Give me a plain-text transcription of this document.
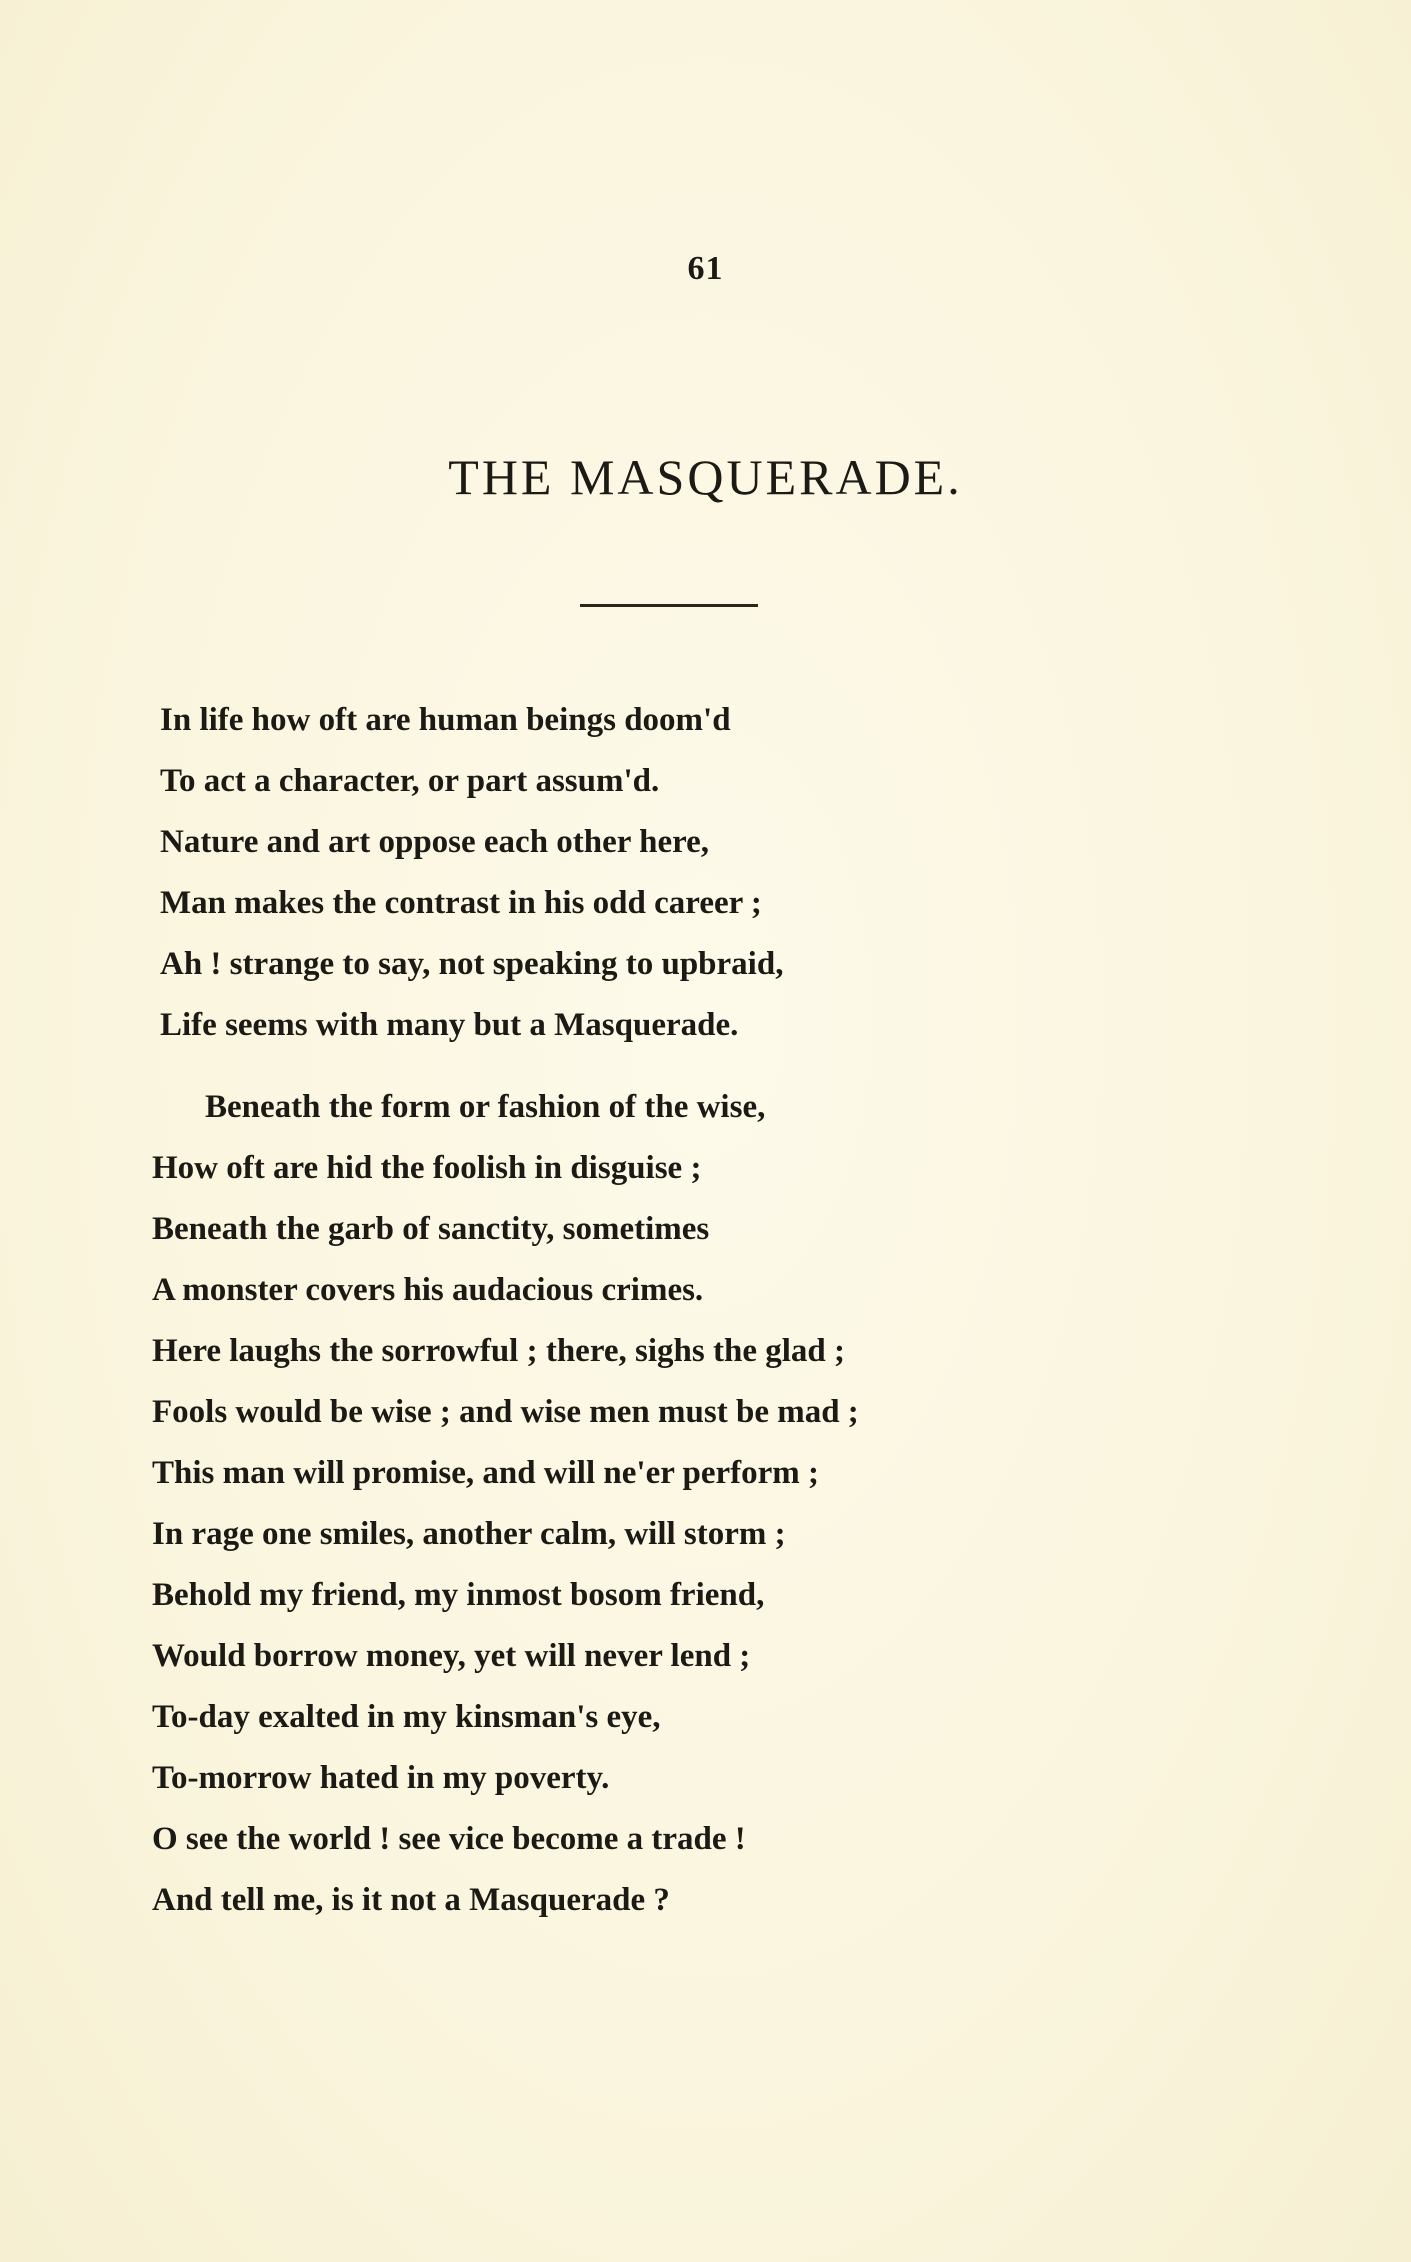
61
THE MASQUERADE.
In life how oft are human beings doom'd
To act a character, or part assum'd.
Nature and art oppose each other here,
Man makes the contrast in his odd career ;
Ah ! strange to say, not speaking to upbraid,
Life seems with many but a Masquerade.
Beneath the form or fashion of the wise,
How oft are hid the foolish in disguise ;
Beneath the garb of sanctity, sometimes
A monster covers his audacious crimes.
Here laughs the sorrowful ; there, sighs the glad ;
Fools would be wise ; and wise men must be mad ;
This man will promise, and will ne'er perform ;
In rage one smiles, another calm, will storm ;
Behold my friend, my inmost bosom friend,
Would borrow money, yet will never lend ;
To-day exalted in my kinsman's eye,
To-morrow hated in my poverty.
O see the world ! see vice become a trade !
And tell me, is it not a Masquerade ?
